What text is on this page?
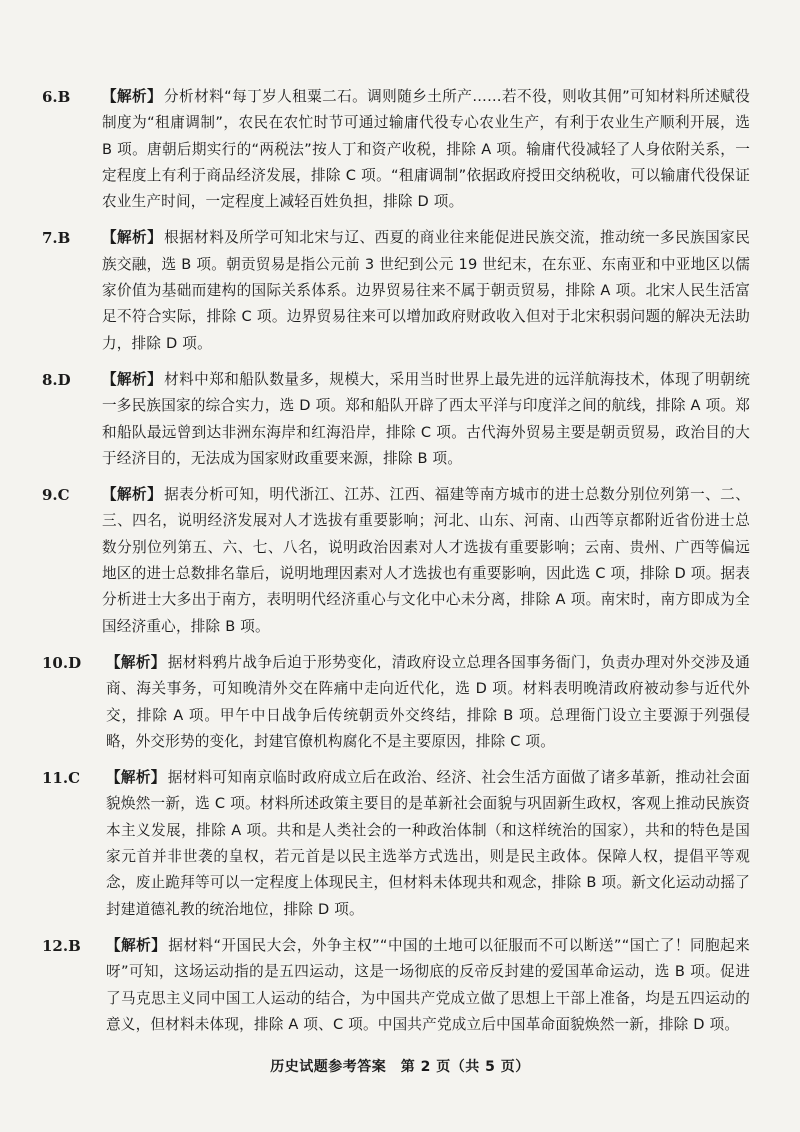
6.B	【解析】 分析材料“每丁岁人租粟二石。调则随乡土所产……若不役，则收其佣”可知材料所述赋役制度为“租庸调制”，农民在农忙时节可通过输庸代役专心农业生产，有利于农业生产顺利开展，选 B 项。唐朝后期实行的“两税法”按人丁和资产收税，排除 A 项。输庸代役减轻了人身依附关系，一定程度上有利于商品经济发展，排除 C 项。“租庸调制”依据政府授田交纳税收，可以输庸代役保证农业生产时间，一定程度上减轻百姓负担，排除 D 项。
7.B	【解析】 根据材料及所学可知北宋与辽、西夏的商业往来能促进民族交流，推动统一多民族国家民族交融，选 B 项。朝贡贸易是指公元前 3 世纪到公元 19 世纪末，在东亚、东南亚和中亚地区以儒家价值为基础而建构的国际关系体系。边界贸易往来不属于朝贡贸易，排除 A 项。北宋人民生活富足不符合实际，排除 C 项。边界贸易往来可以增加政府财政收入但对于北宋积弱问题的解决无法助力，排除 D 项。
8.D	【解析】 材料中郑和船队数量多，规模大，采用当时世界上最先进的远洋航海技术，体现了明朝统一多民族国家的综合实力，选 D 项。郑和船队开辟了西太平洋与印度洋之间的航线，排除 A 项。郑和船队最远曾到达非洲东海岸和红海沿岸，排除 C 项。古代海外贸易主要是朝贡贸易，政治目的大于经济目的，无法成为国家财政重要来源，排除 B 项。
9.C	【解析】 据表分析可知，明代浙江、江苏、江西、福建等南方城市的进士总数分别位列第一、二、三、四名，说明经济发展对人才选拔有重要影响；河北、山东、河南、山西等京都附近省份进士总数分别位列第五、六、七、八名，说明政治因素对人才选拔有重要影响；云南、贵州、广西等偏远地区的进士总数排名靠后，说明地理因素对人才选拔也有重要影响，因此选 C 项，排除 D 项。据表分析进士大多出于南方，表明明代经济重心与文化中心未分离，排除 A 项。南宋时，南方即成为全国经济重心，排除 B 项。
10.D	【解析】 据材料鸦片战争后迫于形势变化，清政府设立总理各国事务衙门，负责办理对外交涉及通商、海关事务，可知晚清外交在阵痛中走向近代化，选 D 项。材料表明晚清政府被动参与近代外交，排除 A 项。甲午中日战争后传统朝贡外交终结，排除 B 项。总理衙门设立主要源于列强侵略，外交形势的变化，封建官僚机构腐化不是主要原因，排除 C 项。
11.C	【解析】 据材料可知南京临时政府成立后在政治、经济、社会生活方面做了诸多革新，推动社会面貌焕然一新，选 C 项。材料所述政策主要目的是革新社会面貌与巩固新生政权，客观上推动民族资本主义发展，排除 A 项。共和是人类社会的一种政治体制（和这样统治的国家），共和的特色是国家元首并非世袭的皇权，若元首是以民主选举方式选出，则是民主政体。保障人权，提倡平等观念，废止跪拜等可以一定程度上体现民主，但材料未体现共和观念，排除 B 项。新文化运动动摇了封建道德礼教的统治地位，排除 D 项。
12.B	【解析】 据材料“开国民大会，外争主权”“中国的土地可以征服而不可以断送”“国亡了！同胞起来呀”可知，这场运动指的是五四运动，这是一场彻底的反帝反封建的爱国革命运动，选 B 项。促进了马克思主义同中国工人运动的结合，为中国共产党成立做了思想上干部上准备，均是五四运动的意义，但材料未体现，排除 A 项、C 项。中国共产党成立后中国革命面貌焕然一新，排除 D 项。
历史试题参考答案　第 2 页（共 5 页）
